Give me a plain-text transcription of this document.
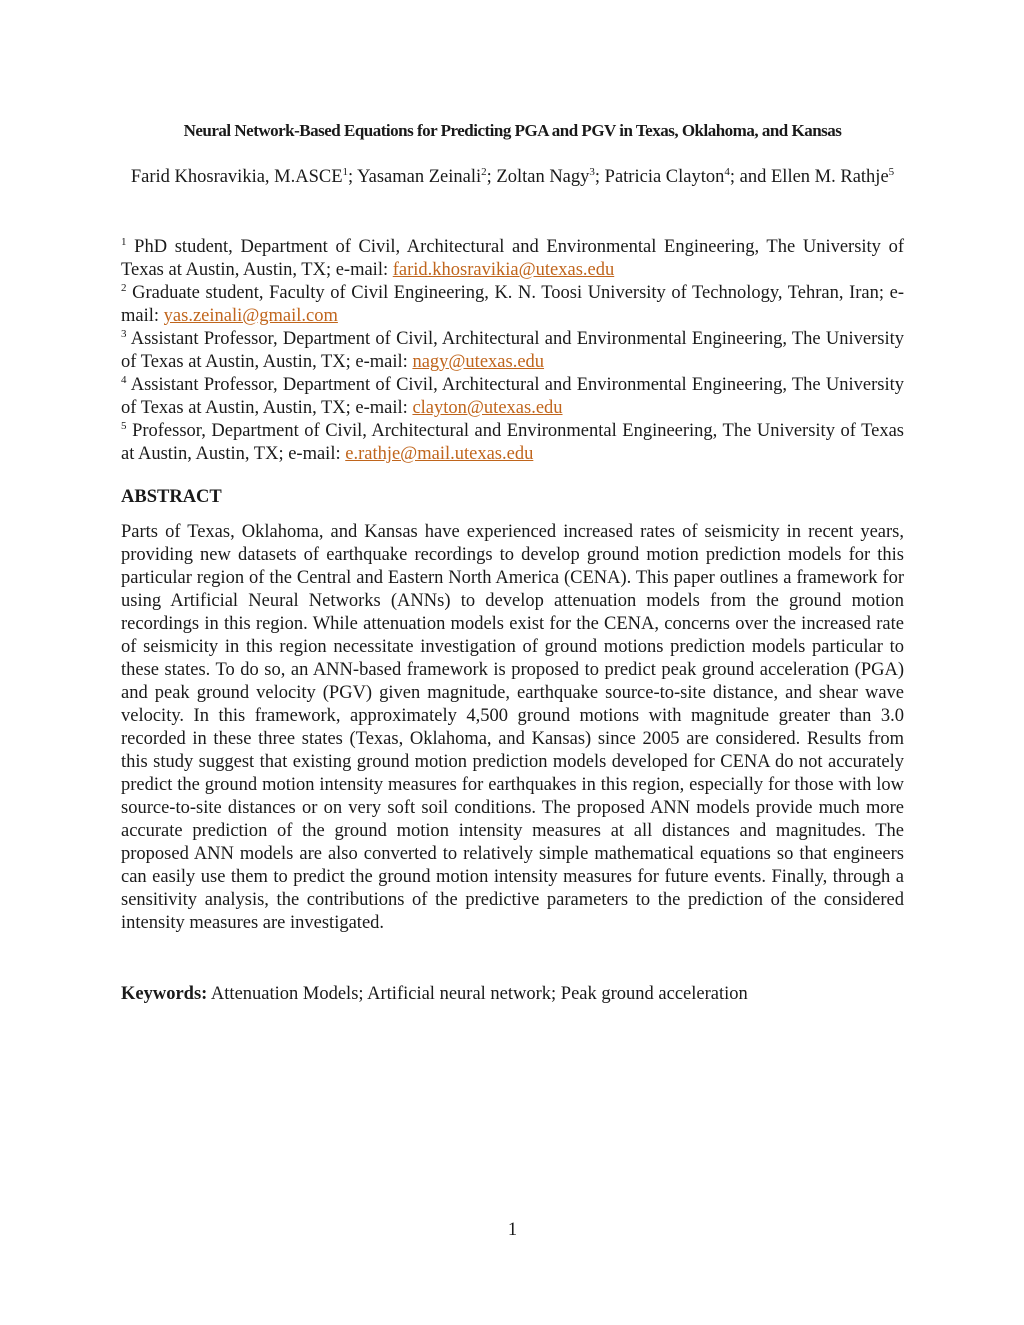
Neural Network-Based Equations for Predicting PGA and PGV in Texas, Oklahoma, and Kansas
Farid Khosravikia, M.ASCE$^1$; Yasaman Zeinali$^2$; Zoltan Nagy$^3$; Patricia Clayton$^4$; and Ellen M. Rathje$^5$
$^1$ PhD student, Department of Civil, Architectural and Environmental Engineering, The University of Texas at Austin, Austin, TX; e-mail: farid.khosravikia@utexas.edu
$^2$ Graduate student, Faculty of Civil Engineering, K. N. Toosi University of Technology, Tehran, Iran; e-mail: yas.zeinali@gmail.com
$^3$ Assistant Professor, Department of Civil, Architectural and Environmental Engineering, The University of Texas at Austin, Austin, TX; e-mail: nagy@utexas.edu
$^4$ Assistant Professor, Department of Civil, Architectural and Environmental Engineering, The University of Texas at Austin, Austin, TX; e-mail: clayton@utexas.edu
$^5$ Professor, Department of Civil, Architectural and Environmental Engineering, The University of Texas at Austin, Austin, TX; e-mail: e.rathje@mail.utexas.edu
ABSTRACT
Parts of Texas, Oklahoma, and Kansas have experienced increased rates of seismicity in recent years, providing new datasets of earthquake recordings to develop ground motion prediction models for this particular region of the Central and Eastern North America (CENA). This paper outlines a framework for using Artificial Neural Networks (ANNs) to develop attenuation models from the ground motion recordings in this region. While attenuation models exist for the CENA, concerns over the increased rate of seismicity in this region necessitate investigation of ground motions prediction models particular to these states. To do so, an ANN-based framework is proposed to predict peak ground acceleration (PGA) and peak ground velocity (PGV) given magnitude, earthquake source-to-site distance, and shear wave velocity. In this framework, approximately 4,500 ground motions with magnitude greater than 3.0 recorded in these three states (Texas, Oklahoma, and Kansas) since 2005 are considered. Results from this study suggest that existing ground motion prediction models developed for CENA do not accurately predict the ground motion intensity measures for earthquakes in this region, especially for those with low source-to-site distances or on very soft soil conditions. The proposed ANN models provide much more accurate prediction of the ground motion intensity measures at all distances and magnitudes. The proposed ANN models are also converted to relatively simple mathematical equations so that engineers can easily use them to predict the ground motion intensity measures for future events. Finally, through a sensitivity analysis, the contributions of the predictive parameters to the prediction of the considered intensity measures are investigated.
Keywords: Attenuation Models; Artificial neural network; Peak ground acceleration
1
